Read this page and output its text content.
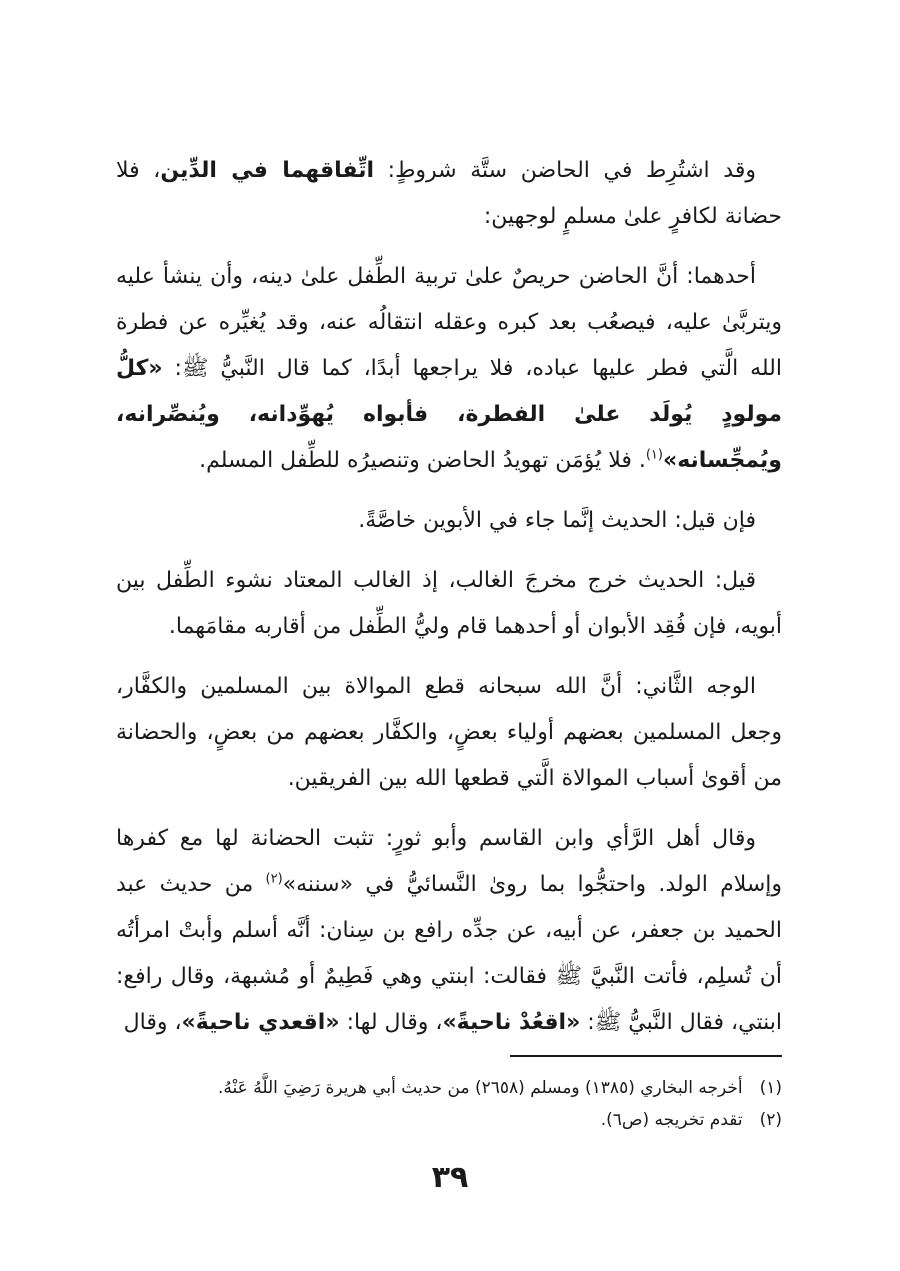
وقد اشتُرِط في الحاضن ستَّة شروطٍ: اتِّفاقهما في الدِّين، فلا حضانة لكافرٍ علىٰ مسلمٍ لوجهين:

أحدهما: أنَّ الحاضن حريصٌ علىٰ تربية الطِّفل علىٰ دينه، وأن ينشأ عليه ويتربَّىٰ عليه، فيصعُب بعد كبره وعقله انتقالُه عنه، وقد يُغيِّره عن فطرة الله الَّتي فطر عليها عباده، فلا يراجعها أبدًا، كما قال النَّبيُّ ﷺ: «كلُّ مولودٍ يُولَد علىٰ الفطرة، فأبواه يُهوِّدانه، ويُنصِّرانه، ويُمجِّسانه»$^{(١)}$. فلا يُؤمَن تهويدُ الحاضن وتنصيرُه للطِّفل المسلم.

فإن قيل: الحديث إنَّما جاء في الأبوين خاصَّةً.

قيل: الحديث خرج مخرجَ الغالب، إذ الغالب المعتاد نشوء الطِّفل بين أبويه، فإن فُقِد الأبوان أو أحدهما قام وليُّ الطِّفل من أقاربه مقامَهما.

الوجه الثَّاني: أنَّ الله سبحانه قطع الموالاة بين المسلمين والكفَّار، وجعل المسلمين بعضهم أولياء بعضٍ، والكفَّار بعضهم من بعضٍ، والحضانة من أقوىٰ أسباب الموالاة الَّتي قطعها الله بين الفريقين.

وقال أهل الرَّأي وابن القاسم وأبو ثورٍ: تثبت الحضانة لها مع كفرها وإسلام الولد. واحتجُّوا بما روىٰ النَّسائيُّ في «سننه»$^{(٢)}$ من حديث عبد الحميد بن جعفر، عن أبيه، عن جدِّه رافع بن سِنان: أنَّه أسلم وأبتْ امرأتُه أن تُسلِم، فأتت النَّبيَّ ﷺ فقالت: ابنتي وهي فَطِيمٌ أو مُشبهة، وقال رافع: ابنتي، فقال النَّبيُّ ﷺ: «اقعُدْ ناحيةً»، وقال لها: «اقعدي ناحيةً»، وقال

(١) أخرجه البخاري (١٣٨٥) ومسلم (٢٦٥٨) من حديث أبي هريرة رَضِيَ اللَّهُ عَنْهُ.

(٢) تقدم تخريجه (ص٦).

٣٩
